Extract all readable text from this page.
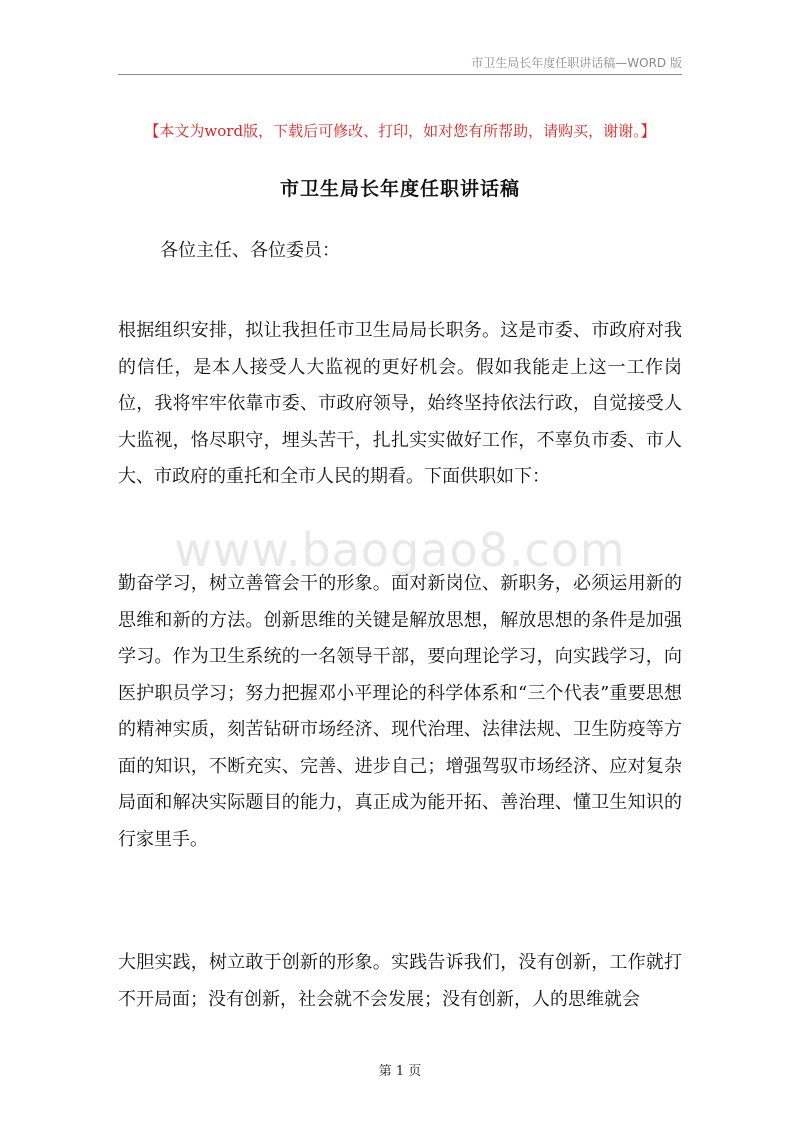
市卫生局长年度任职讲话稿—WORD 版
【本文为word版，下载后可修改、打印，如对您有所帮助，请购买，谢谢。】
市卫生局长年度任职讲话稿

各位主任、各位委员：

根据组织安排，拟让我担任市卫生局局长职务。这是市委、市政府对我的信任，是本人接受人大监视的更好机会。假如我能走上这一工作岗位，我将牢牢依靠市委、市政府领导，始终坚持依法行政，自觉接受人大监视，恪尽职守，埋头苦干，扎扎实实做好工作，不辜负市委、市人大、市政府的重托和全市人民的期看。下面供职如下：

www.baogao8.com

勤奋学习，树立善管会干的形象。面对新岗位、新职务，必须运用新的思维和新的方法。创新思维的关键是解放思想，解放思想的条件是加强学习。作为卫生系统的一名领导干部，要向理论学习，向实践学习，向医护职员学习；努力把握邓小平理论的科学体系和“三个代表”重要思想的精神实质，刻苦钻研市场经济、现代治理、法律法规、卫生防疫等方面的知识，不断充实、完善、进步自己；增强驾驭市场经济、应对复杂局面和解决实际题目的能力，真正成为能开拓、善治理、懂卫生知识的行家里手。

大胆实践，树立敢于创新的形象。实践告诉我们，没有创新，工作就打不开局面；没有创新，社会就不会发展；没有创新，人的思维就会

第 1 页
